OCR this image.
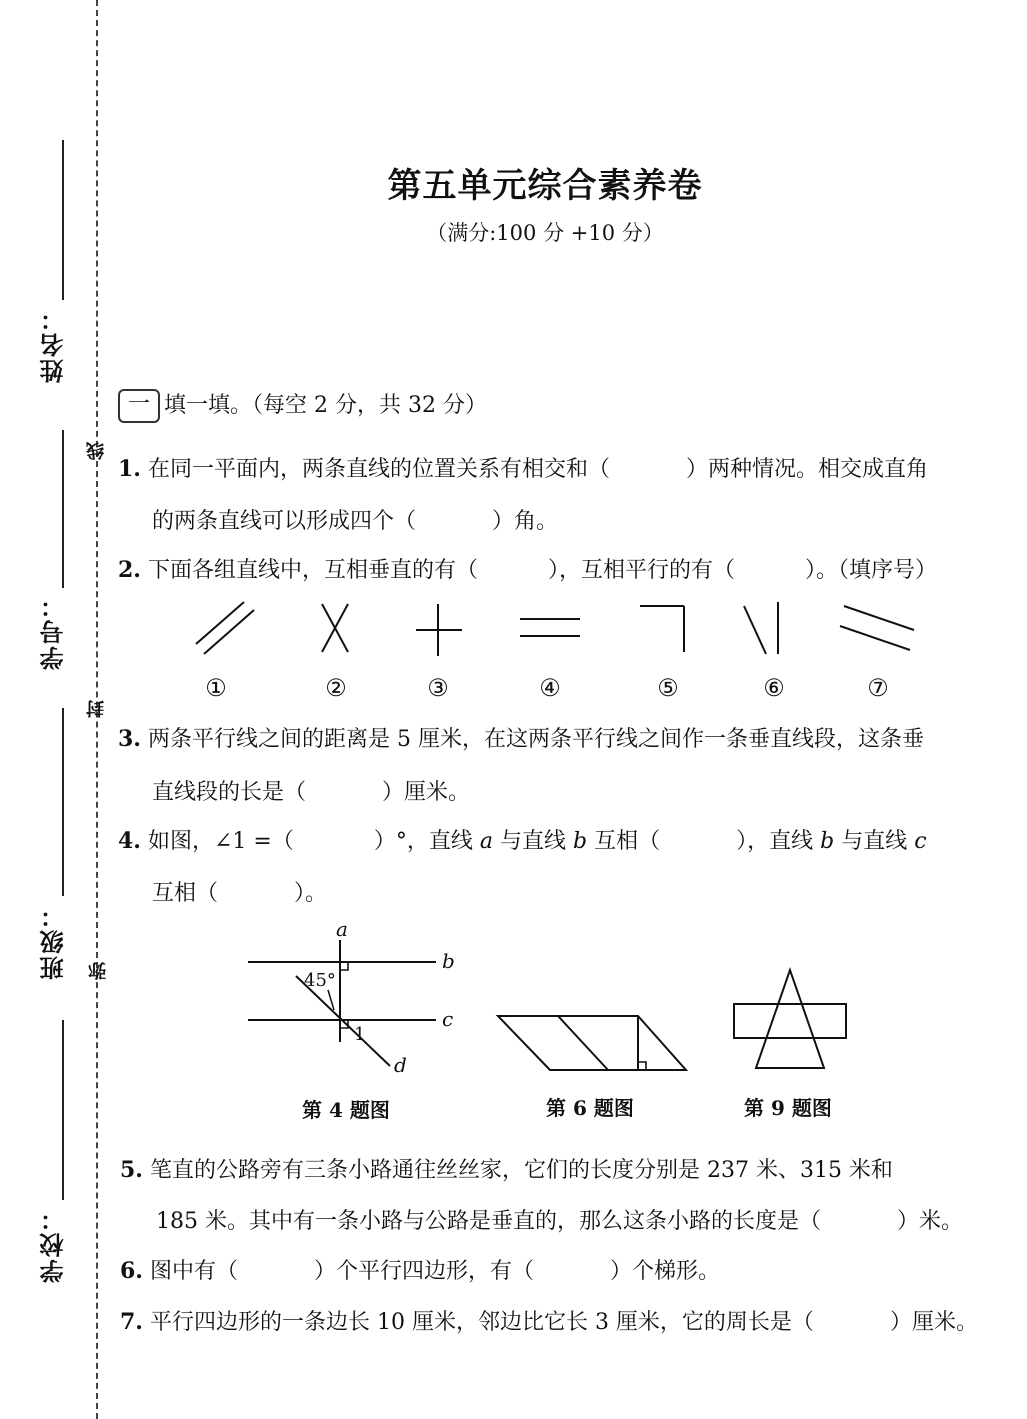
姓名：
学号：
班级：
学校：
线
封
弥
第五单元综合素养卷
（满分:100 分 +10 分）
一 填一填。（每空 2 分，共 32 分）
1. 在同一平面内，两条直线的位置关系有相交和（	）两种情况。相交成直角
的两条直线可以形成四个（	）角。
2. 下面各组直线中，互相垂直的有（	），互相平行的有（	）。（填序号）
①	②	③	④	⑤	⑥	⑦
3. 两条平行线之间的距离是 5 厘米，在这两条平行线之间作一条垂直线段，这条垂
直线段的长是（	）厘米。
4. 如图，∠1 =（	）°，直线 a 与直线 b 互相（	），直线 b 与直线 c
互相（	）。
a
b
c
d
45°
1
第 4 题图	第 6 题图	第 9 题图
5. 笔直的公路旁有三条小路通往丝丝家，它们的长度分别是 237 米、315 米和
185 米。其中有一条小路与公路是垂直的，那么这条小路的长度是（	）米。
6. 图中有（	）个平行四边形，有（	）个梯形。
7. 平行四边形的一条边长 10 厘米，邻边比它长 3 厘米，它的周长是（	）厘米。
